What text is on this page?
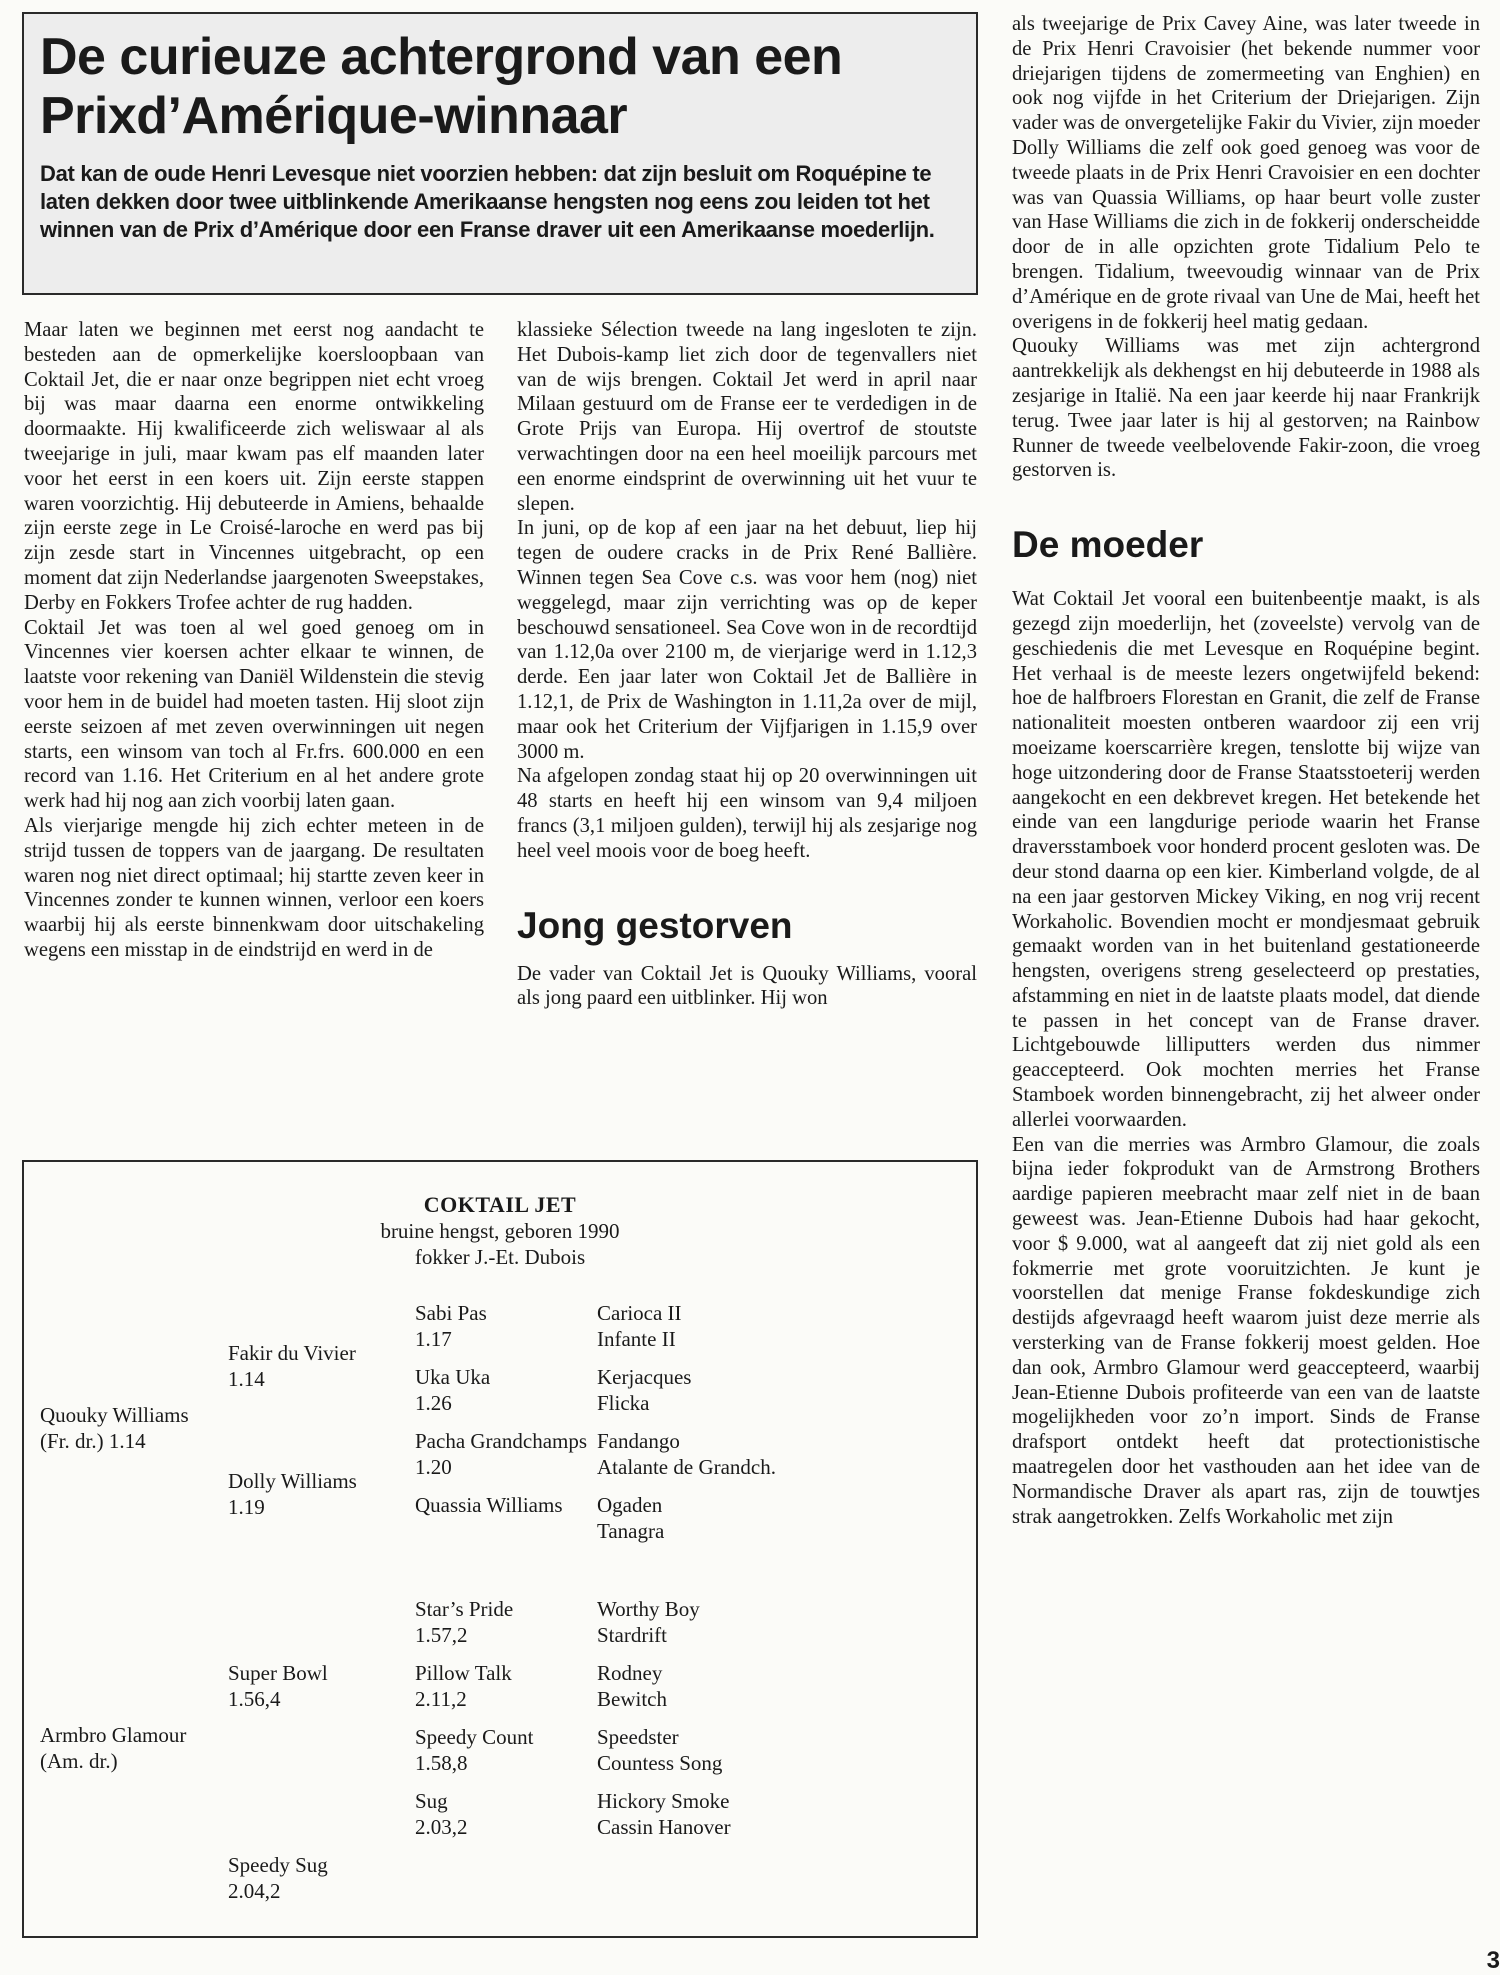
De curieuze achtergrond van een Prixd’Amérique-winnaar

Dat kan de oude Henri Levesque niet voorzien hebben: dat zijn besluit om Roquépine te laten dekken door twee uitblinkende Amerikaanse hengsten nog eens zou leiden tot het winnen van de Prix d’Amérique door een Franse draver uit een Amerikaanse moederlijn.

Maar laten we beginnen met eerst nog aandacht te besteden aan de opmerkelijke koersloopbaan van Coktail Jet, die er naar onze begrippen niet echt vroeg bij was maar daarna een enorme ontwikkeling doormaakte. Hij kwalificeerde zich weliswaar al als tweejarige in juli, maar kwam pas elf maanden later voor het eerst in een koers uit. Zijn eerste stappen waren voorzichtig. Hij debuteerde in Amiens, behaalde zijn eerste zege in Le Croisé-laroche en werd pas bij zijn zesde start in Vincennes uitgebracht, op een moment dat zijn Nederlandse jaargenoten Sweepstakes, Derby en Fokkers Trofee achter de rug hadden.

Coktail Jet was toen al wel goed genoeg om in Vincennes vier koersen achter elkaar te winnen, de laatste voor rekening van Daniël Wildenstein die stevig voor hem in de buidel had moeten tasten. Hij sloot zijn eerste seizoen af met zeven overwinningen uit negen starts, een winsom van toch al Fr.frs. 600.000 en een record van 1.16. Het Criterium en al het andere grote werk had hij nog aan zich voorbij laten gaan.

Als vierjarige mengde hij zich echter meteen in de strijd tussen de toppers van de jaargang. De resultaten waren nog niet direct optimaal; hij startte zeven keer in Vincennes zonder te kunnen winnen, verloor een koers waarbij hij als eerste binnenkwam door uitschakeling wegens een misstap in de eindstrijd en werd in de

klassieke Sélection tweede na lang ingesloten te zijn. Het Dubois-kamp liet zich door de tegenvallers niet van de wijs brengen. Coktail Jet werd in april naar Milaan gestuurd om de Franse eer te verdedigen in de Grote Prijs van Europa. Hij overtrof de stoutste verwachtingen door na een heel moeilijk parcours met een enorme eindsprint de overwinning uit het vuur te slepen.

In juni, op de kop af een jaar na het debuut, liep hij tegen de oudere cracks in de Prix René Ballière. Winnen tegen Sea Cove c.s. was voor hem (nog) niet weggelegd, maar zijn verrichting was op de keper beschouwd sensationeel. Sea Cove won in de recordtijd van 1.12,0a over 2100 m, de vierjarige werd in 1.12,3 derde. Een jaar later won Coktail Jet de Ballière in 1.12,1, de Prix de Washington in 1.11,2a over de mijl, maar ook het Criterium der Vijfjarigen in 1.15,9 over 3000 m.

Na afgelopen zondag staat hij op 20 overwinningen uit 48 starts en heeft hij een winsom van 9,4 miljoen francs (3,1 miljoen gulden), terwijl hij als zesjarige nog heel veel moois voor de boeg heeft.

Jong gestorven

De vader van Coktail Jet is Quouky Williams, vooral als jong paard een uitblinker. Hij won

als tweejarige de Prix Cavey Aine, was later tweede in de Prix Henri Cravoisier (het bekende nummer voor driejarigen tijdens de zomermeeting van Enghien) en ook nog vijfde in het Criterium der Driejarigen. Zijn vader was de onvergetelijke Fakir du Vivier, zijn moeder Dolly Williams die zelf ook goed genoeg was voor de tweede plaats in de Prix Henri Cravoisier en een dochter was van Quassia Williams, op haar beurt volle zuster van Hase Williams die zich in de fokkerij onderscheidde door de in alle opzichten grote Tidalium Pelo te brengen. Tidalium, tweevoudig winnaar van de Prix d’Amérique en de grote rivaal van Une de Mai, heeft het overigens in de fokkerij heel matig gedaan.

Quouky Williams was met zijn achtergrond aantrekkelijk als dekhengst en hij debuteerde in 1988 als zesjarige in Italië. Na een jaar keerde hij naar Frankrijk terug. Twee jaar later is hij al gestorven; na Rainbow Runner de tweede veelbelovende Fakir-zoon, die vroeg gestorven is.

De moeder

Wat Coktail Jet vooral een buitenbeentje maakt, is als gezegd zijn moederlijn, het (zoveelste) vervolg van de geschiedenis die met Levesque en Roquépine begint. Het verhaal is de meeste lezers ongetwijfeld bekend: hoe de halfbroers Florestan en Granit, die zelf de Franse nationaliteit moesten ontberen waardoor zij een vrij moeizame koerscarrière kregen, tenslotte bij wijze van hoge uitzondering door de Franse Staatsstoeterij werden aangekocht en een dekbrevet kregen. Het betekende het einde van een langdurige periode waarin het Franse draversstamboek voor honderd procent gesloten was. De deur stond daarna op een kier. Kimberland volgde, de al na een jaar gestorven Mickey Viking, en nog vrij recent Workaholic. Bovendien mocht er mondjesmaat gebruik gemaakt worden van in het buitenland gestationeerde hengsten, overigens streng geselecteerd op prestaties, afstamming en niet in de laatste plaats model, dat diende te passen in het concept van de Franse draver. Lichtgebouwde lilliputters werden dus nimmer geaccepteerd. Ook mochten merries het Franse Stamboek worden binnengebracht, zij het alweer onder allerlei voorwaarden.

Een van die merries was Armbro Glamour, die zoals bijna ieder fokprodukt van de Armstrong Brothers aardige papieren meebracht maar zelf niet in de baan geweest was. Jean-Etienne Dubois had haar gekocht, voor $ 9.000, wat al aangeeft dat zij niet gold als een fokmerrie met grote vooruitzichten. Je kunt je voorstellen dat menige Franse fokdeskundige zich destijds afgevraagd heeft waarom juist deze merrie als versterking van de Franse fokkerij moest gelden. Hoe dan ook, Armbro Glamour werd geaccepteerd, waarbij Jean-Etienne Dubois profiteerde van een van de laatste mogelijkheden voor zo’n import. Sinds de Franse drafsport ontdekt heeft dat protectionistische maatregelen door het vasthouden aan het idee van de Normandische Draver als apart ras, zijn de touwtjes strak aangetrokken. Zelfs Workaholic met zijn

COKTAIL JET
bruine hengst, geboren 1990
fokker J.-Et. Dubois
Quouky Williams
(Fr. dr.) 1.14
Armbro Glamour
(Am. dr.)
Fakir du Vivier
1.14
Dolly Williams
1.19
Super Bowl
1.56,4
Speedy Sug
2.04,2
Sabi Pas
1.17
Uka Uka
1.26
Pacha Grandchamps
1.20
Quassia Williams
Star’s Pride
1.57,2
Pillow Talk
2.11,2
Speedy Count
1.58,8
Sug
2.03,2
Carioca II
Infante II
Kerjacques
Flicka
Fandango
Atalante de Grandch.
Ogaden
Tanagra
Worthy Boy
Stardrift
Rodney
Bewitch
Speedster
Countess Song
Hickory Smoke
Cassin Hanover
3
